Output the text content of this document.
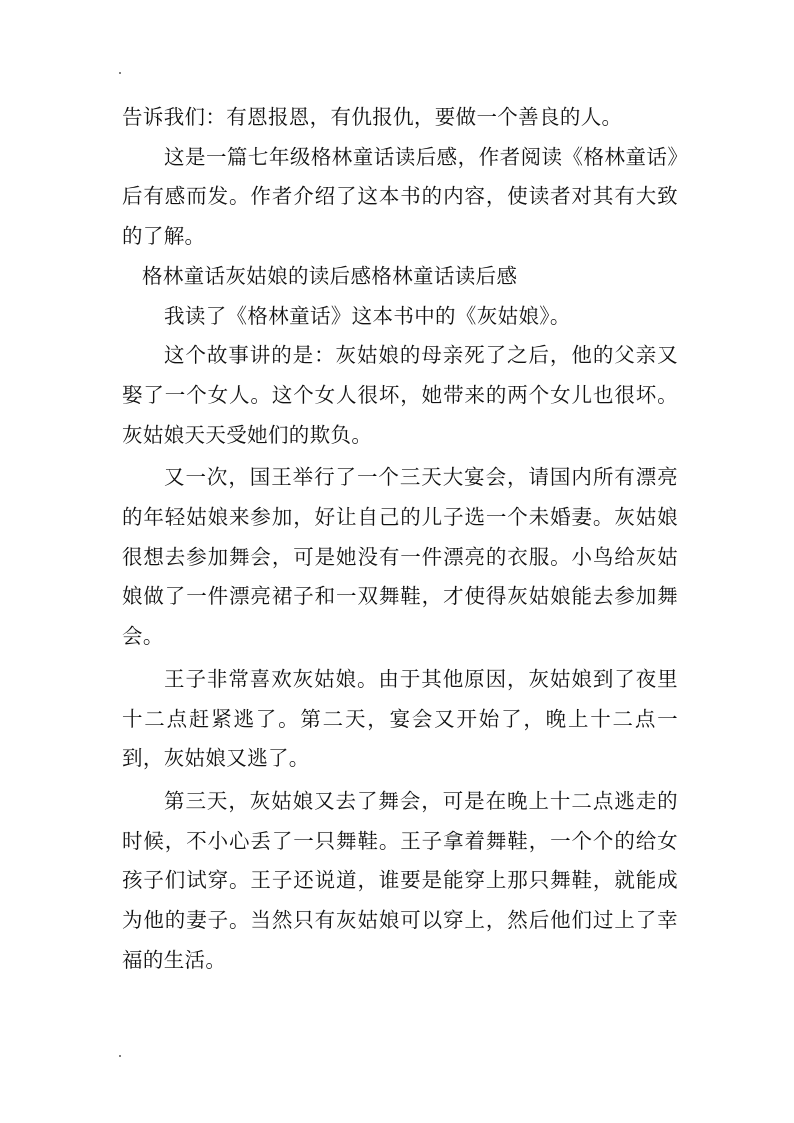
告诉我们：有恩报恩，有仇报仇，要做一个善良的人。

这是一篇七年级格林童话读后感，作者阅读《格林童话》后有感而发。作者介绍了这本书的内容，使读者对其有大致的了解。

格林童话灰姑娘的读后感格林童话读后感

我读了《格林童话》这本书中的《灰姑娘》。

这个故事讲的是：灰姑娘的母亲死了之后，他的父亲又娶了一个女人。这个女人很坏，她带来的两个女儿也很坏。灰姑娘天天受她们的欺负。

又一次，国王举行了一个三天大宴会，请国内所有漂亮的年轻姑娘来参加，好让自己的儿子选一个未婚妻。灰姑娘很想去参加舞会，可是她没有一件漂亮的衣服。小鸟给灰姑娘做了一件漂亮裙子和一双舞鞋，才使得灰姑娘能去参加舞会。

王子非常喜欢灰姑娘。由于其他原因，灰姑娘到了夜里十二点赶紧逃了。第二天，宴会又开始了，晚上十二点一到，灰姑娘又逃了。

第三天，灰姑娘又去了舞会，可是在晚上十二点逃走的时候，不小心丢了一只舞鞋。王子拿着舞鞋，一个个的给女孩子们试穿。王子还说道，谁要是能穿上那只舞鞋，就能成为他的妻子。当然只有灰姑娘可以穿上，然后他们过上了幸福的生活。
